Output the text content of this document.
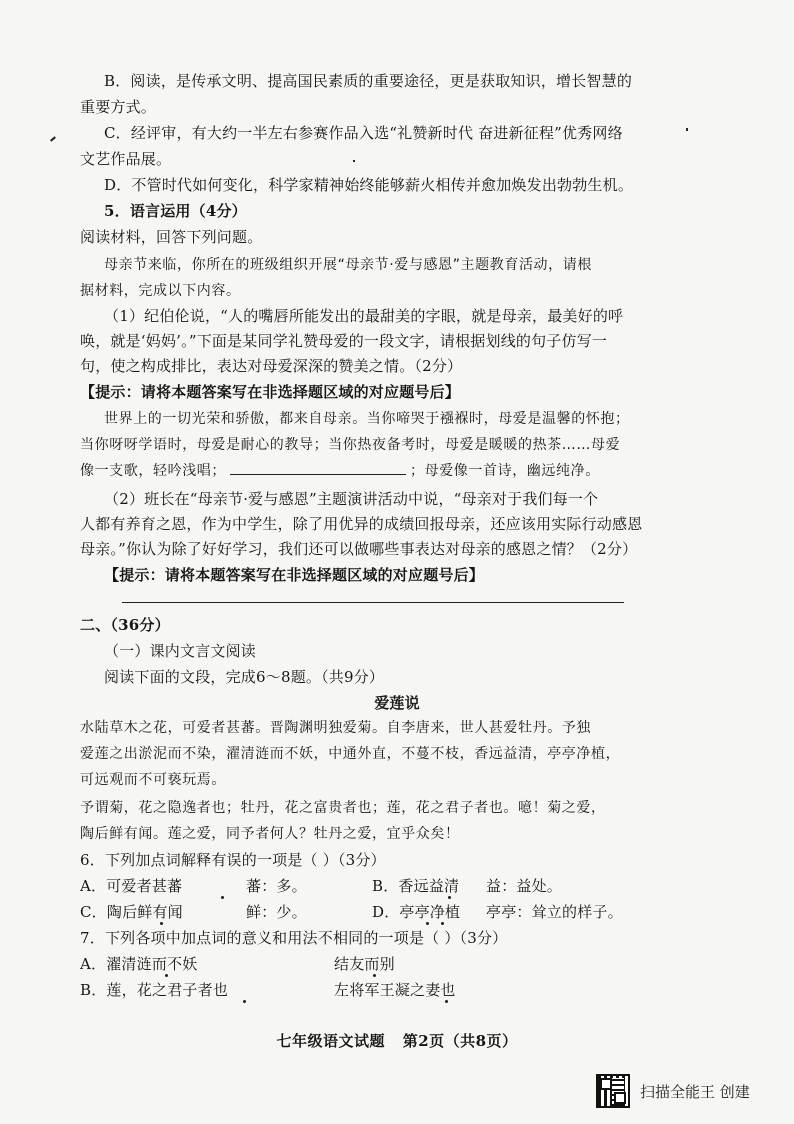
B．阅读，是传承文明、提高国民素质的重要途径，更是获取知识，增长智慧的
重要方式。
C．经评审，有大约一半左右参赛作品入选“礼赞新时代 奋进新征程”优秀网络
文艺作品展。
D．不管时代如何变化，科学家精神始终能够薪火相传并愈加焕发出勃勃生机。
5．语言运用（4分）
阅读材料，回答下列问题。
母亲节来临，你所在的班级组织开展“母亲节·爱与感恩”主题教育活动，请根
据材料，完成以下内容。
（1）纪伯伦说，“人的嘴唇所能发出的最甜美的字眼，就是母亲，最美好的呼
唤，就是‘妈妈’。”下面是某同学礼赞母爱的一段文字，请根据划线的句子仿写一
句，使之构成排比，表达对母爱深深的赞美之情。（2分）
【提示：请将本题答案写在非选择题区域的对应题号后】
世界上的一切光荣和骄傲，都来自母亲。当你啼哭于襁褓时，母爱是温馨的怀抱；
当你呀呀学语时，母爱是耐心的教导；当你热夜备考时，母爱是暖暖的热茶……母爱
像一支歌，轻吟浅唱；	；母爱像一首诗，幽远纯净。
（2）班长在“母亲节·爱与感恩”主题演讲活动中说，“母亲对于我们每一个
人都有养育之恩，作为中学生，除了用优异的成绩回报母亲，还应该用实际行动感恩
母亲。”你认为除了好好学习，我们还可以做哪些事表达对母亲的感恩之情？（2分）
【提示：请将本题答案写在非选择题区域的对应题号后】
二、（36分）
（一）课内文言文阅读
阅读下面的文段，完成6～8题。（共9分）
爱莲说
水陆草木之花，可爱者甚蕃。晋陶渊明独爱菊。自李唐来，世人甚爱牡丹。予独
爱莲之出淤泥而不染，濯清涟而不妖，中通外直，不蔓不枝，香远益清，亭亭净植，
可远观而不可亵玩焉。
予谓菊，花之隐逸者也；牡丹，花之富贵者也；莲，花之君子者也。噫！菊之爱，
陶后鲜有闻。莲之爱，同予者何人？牡丹之爱，宜乎众矣！
6．下列加点词解释有误的一项是（ ）（3分）
A．可爱者甚蕃	蕃：多。	B．香远益清 益：益处。
C．陶后鲜有闻	鲜：少。	D．亭亭净植 亭亭：耸立的样子。
7．下列各项中加点词的意义和用法不相同的一项是（ ）（3分）
A．濯清涟而不妖	结友而别
B．莲，花之君子者也	左将军王凝之妻也
七年级语文试题 第2页（共8页）
扫描全能王 创建
